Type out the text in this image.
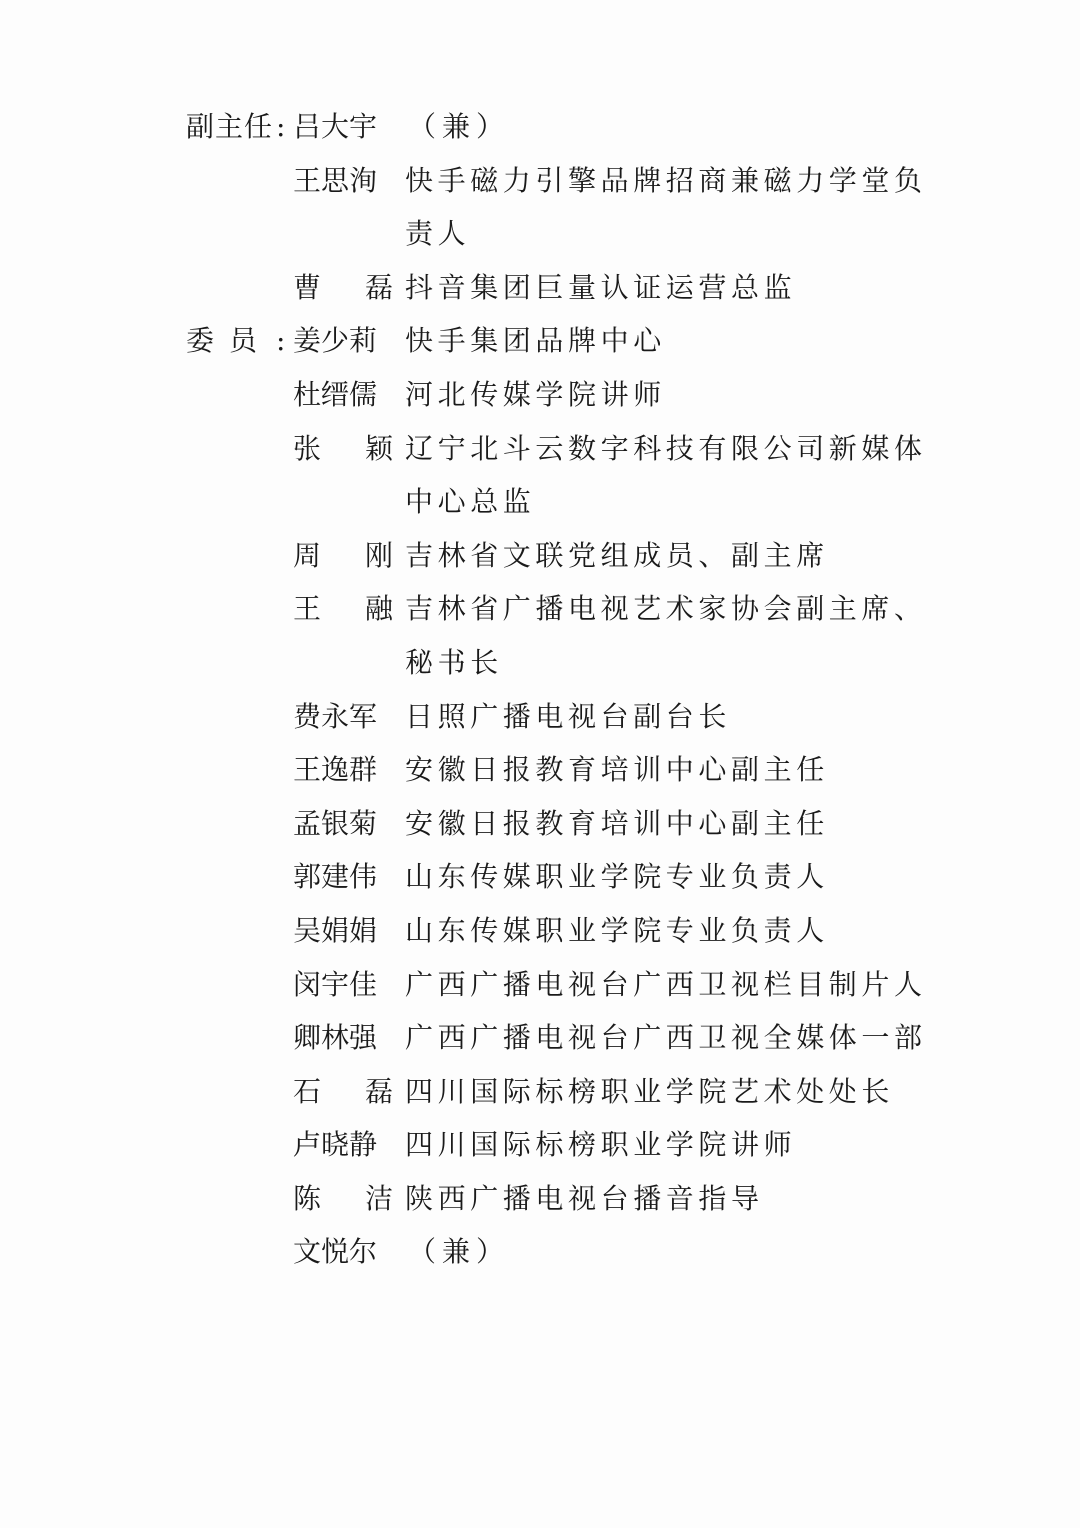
副主任 : 吕大宇	（兼）
王思洵 快手磁力引擎品牌招商兼磁力学堂负
责人
曹 磊 抖音集团巨量认证运营总监
委 员 : 姜少莉 快手集团品牌中心
杜缙儒 河北传媒学院讲师
张 颖 辽宁北斗云数字科技有限公司新媒体
中心总监
周 刚 吉林省文联党组成员、副主席
王 融 吉林省广播电视艺术家协会副主席、
秘书长
费永军 日照广播电视台副台长
王逸群 安徽日报教育培训中心副主任
孟银菊 安徽日报教育培训中心副主任
郭建伟 山东传媒职业学院专业负责人
吴娟娟 山东传媒职业学院专业负责人
闵宇佳 广西广播电视台广西卫视栏目制片人
卿林强 广西广播电视台广西卫视全媒体一部
石 磊 四川国际标榜职业学院艺术处处长
卢晓静 四川国际标榜职业学院讲师
陈 洁 陕西广播电视台播音指导
文悦尔	（兼）
